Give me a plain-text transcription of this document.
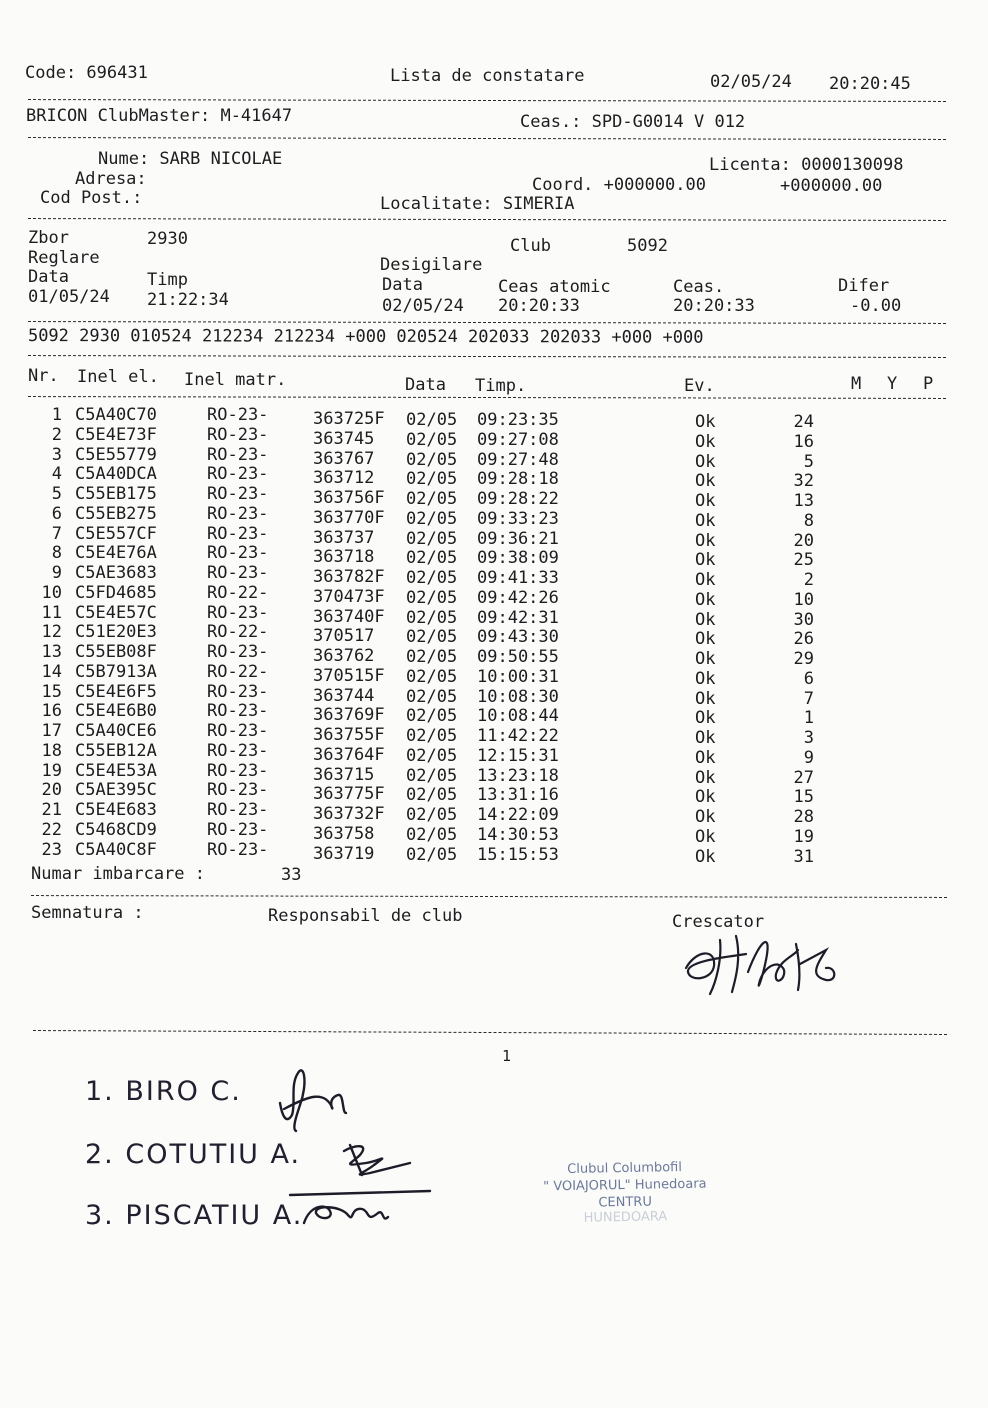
Code: 696431	Lista de constatare	02/05/24 20:20:45
BRICON ClubMaster: M-41647	Ceas.: SPD-G0014 V 012
Nume: SARB NICOLAE	Licenta: 0000130098
Adresa:	Coord. +000000.00	+000000.00
Cod Post.:	Localitate: SIMERIA
Zbor	2930	Club	5092
Reglare	Desigilare
Data	Timp	Data	Ceas atomic	Ceas.	Difer
01/05/24 21:22:34	02/05/24 20:20:33	20:20:33	-0.00
5092 2930 010524 212234 212234 +000 020524 202033 202033 +000 +000
Nr. Inel el. Inel matr.	Data Timp.	Ev.	M Y P
1 C5A40C70	RO-23-	363725F 02/05 09:23:35	Ok	24
2 C5E4E73F	RO-23-	363745 02/05 09:27:08	Ok	16
3 C5E55779	RO-23-	363767 02/05 09:27:48	Ok	5
4 C5A40DCA	RO-23-	363712 02/05 09:28:18	Ok	32
5 C55EB175	RO-23-	363756F 02/05 09:28:22	Ok	13
6 C55EB275	RO-23-	363770F 02/05 09:33:23	Ok	8
7 C5E557CF	RO-23-	363737 02/05 09:36:21	Ok	20
8 C5E4E76A	RO-23-	363718 02/05 09:38:09	Ok	25
9 C5AE3683	RO-23-	363782F 02/05 09:41:33	Ok	2
10 C5FD4685	RO-22-	370473F 02/05 09:42:26	Ok	10
11 C5E4E57C	RO-23-	363740F 02/05 09:42:31	Ok	30
12 C51E20E3	RO-22-	370517 02/05 09:43:30	Ok	26
13 C55EB08F	RO-23-	363762 02/05 09:50:55	Ok	29
14 C5B7913A	RO-22-	370515F 02/05 10:00:31	Ok	6
15 C5E4E6F5	RO-23-	363744 02/05 10:08:30	Ok	7
16 C5E4E6B0	RO-23-	363769F 02/05 10:08:44	Ok	1
17 C5A40CE6	RO-23-	363755F 02/05 11:42:22	Ok	3
18 C55EB12A	RO-23-	363764F 02/05 12:15:31	Ok	9
19 C5E4E53A	RO-23-	363715 02/05 13:23:18	Ok	27
20 C5AE395C	RO-23-	363775F 02/05 13:31:16	Ok	15
21 C5E4E683	RO-23-	363732F 02/05 14:22:09	Ok	28
22 C5468CD9	RO-23-	363758 02/05 14:30:53	Ok	19
23 C5A40C8F	RO-23-	363719 02/05 15:15:53	Ok	31
Numar imbarcare :	33
Semnatura :	Responsabil de club	Crescator
1
1. BIRO C.
2. COTUTIU A.
3. PISCATIU A.
Clubul Columbofil
" VOIAJORUL" Hunedoara
CENTRU
HUNEDOARA
